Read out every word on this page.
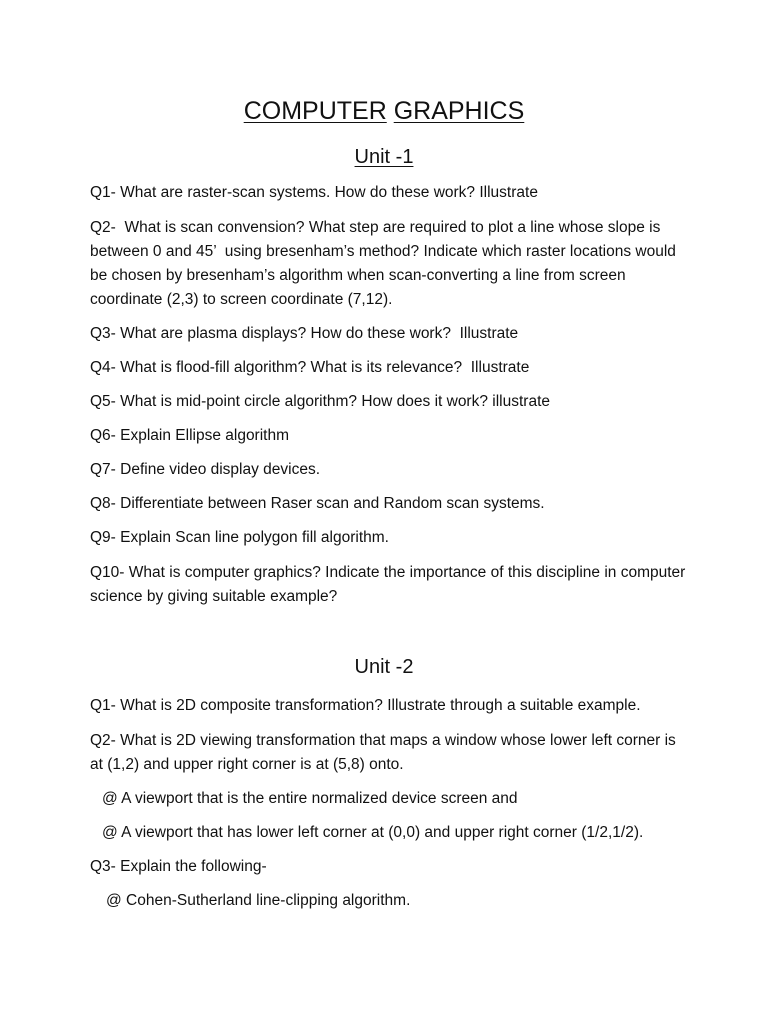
COMPUTER GRAPHICS
Unit -1
Q1- What are raster-scan systems. How do these work? Illustrate
Q2-  What is scan convension? What step are required to plot a line whose slope is between 0 and 45’  using bresenham’s method? Indicate which raster locations would be chosen by bresenham’s algorithm when scan-converting a line from screen coordinate (2,3) to screen coordinate (7,12).
Q3- What are plasma displays? How do these work?  Illustrate
Q4- What is flood-fill algorithm? What is its relevance?  Illustrate
Q5- What is mid-point circle algorithm? How does it work? illustrate
Q6- Explain Ellipse algorithm
Q7- Define video display devices.
Q8- Differentiate between Raser scan and Random scan systems.
Q9- Explain Scan line polygon fill algorithm.
Q10- What is computer graphics? Indicate the importance of this discipline in computer science by giving suitable example?
Unit -2
Q1- What is 2D composite transformation? Illustrate through a suitable example.
Q2- What is 2D viewing transformation that maps a window whose lower left corner is at (1,2) and upper right corner is at (5,8) onto.
@ A viewport that is the entire normalized device screen and
@ A viewport that has lower left corner at (0,0) and upper right corner (1/2,1/2).
Q3- Explain the following-
@ Cohen-Sutherland line-clipping algorithm.
